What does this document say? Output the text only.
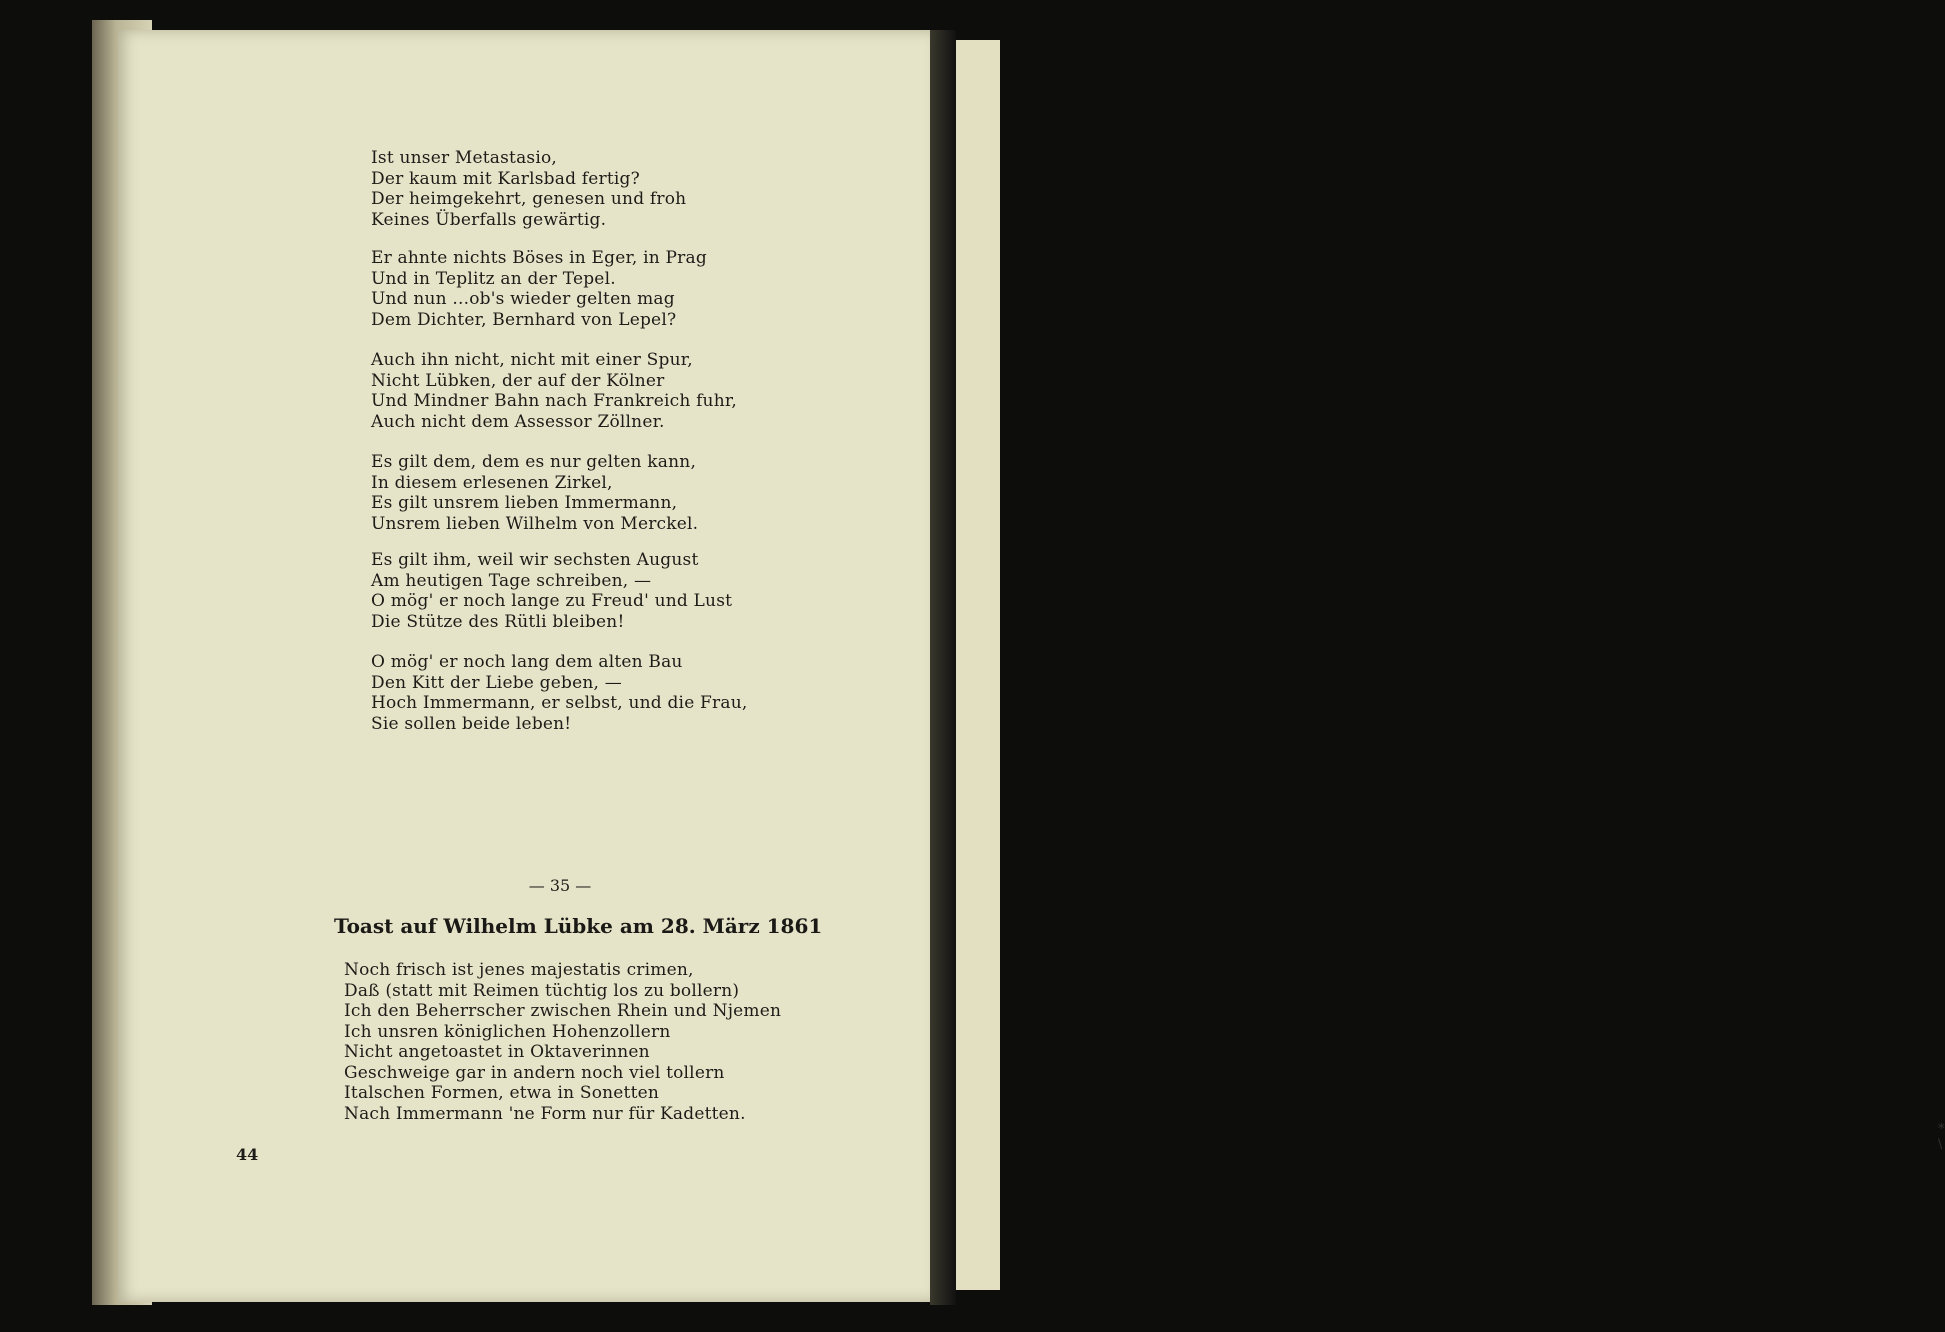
* \
Ist unser Metastasio,
Der kaum mit Karlsbad fertig?
Der heimgekehrt, genesen und froh
Keines Überfalls gewärtig.
Er ahnte nichts Böses in Eger, in Prag
Und in Teplitz an der Tepel.
Und nun ...ob's wieder gelten mag
Dem Dichter, Bernhard von Lepel?
Auch ihn nicht, nicht mit einer Spur,
Nicht Lübken, der auf der Kölner
Und Mindner Bahn nach Frankreich fuhr,
Auch nicht dem Assessor Zöllner.
Es gilt dem, dem es nur gelten kann,
In diesem erlesenen Zirkel,
Es gilt unsrem lieben Immermann,
Unsrem lieben Wilhelm von Merckel.
Es gilt ihm, weil wir sechsten August
Am heutigen Tage schreiben, —
O mög' er noch lange zu Freud' und Lust
Die Stütze des Rütli bleiben!
O mög' er noch lang dem alten Bau
Den Kitt der Liebe geben, —
Hoch Immermann, er selbst, und die Frau,
Sie sollen beide leben!
— 35 —
Toast auf Wilhelm Lübke am 28. März 1861
Noch frisch ist jenes majestatis crimen,
Daß (statt mit Reimen tüchtig los zu bollern)
Ich den Beherrscher zwischen Rhein und Njemen
Ich unsren königlichen Hohenzollern
Nicht angetoastet in Oktaverinnen
Geschweige gar in andern noch viel tollern
Italschen Formen, etwa in Sonetten
Nach Immermann 'ne Form nur für Kadetten.
44
